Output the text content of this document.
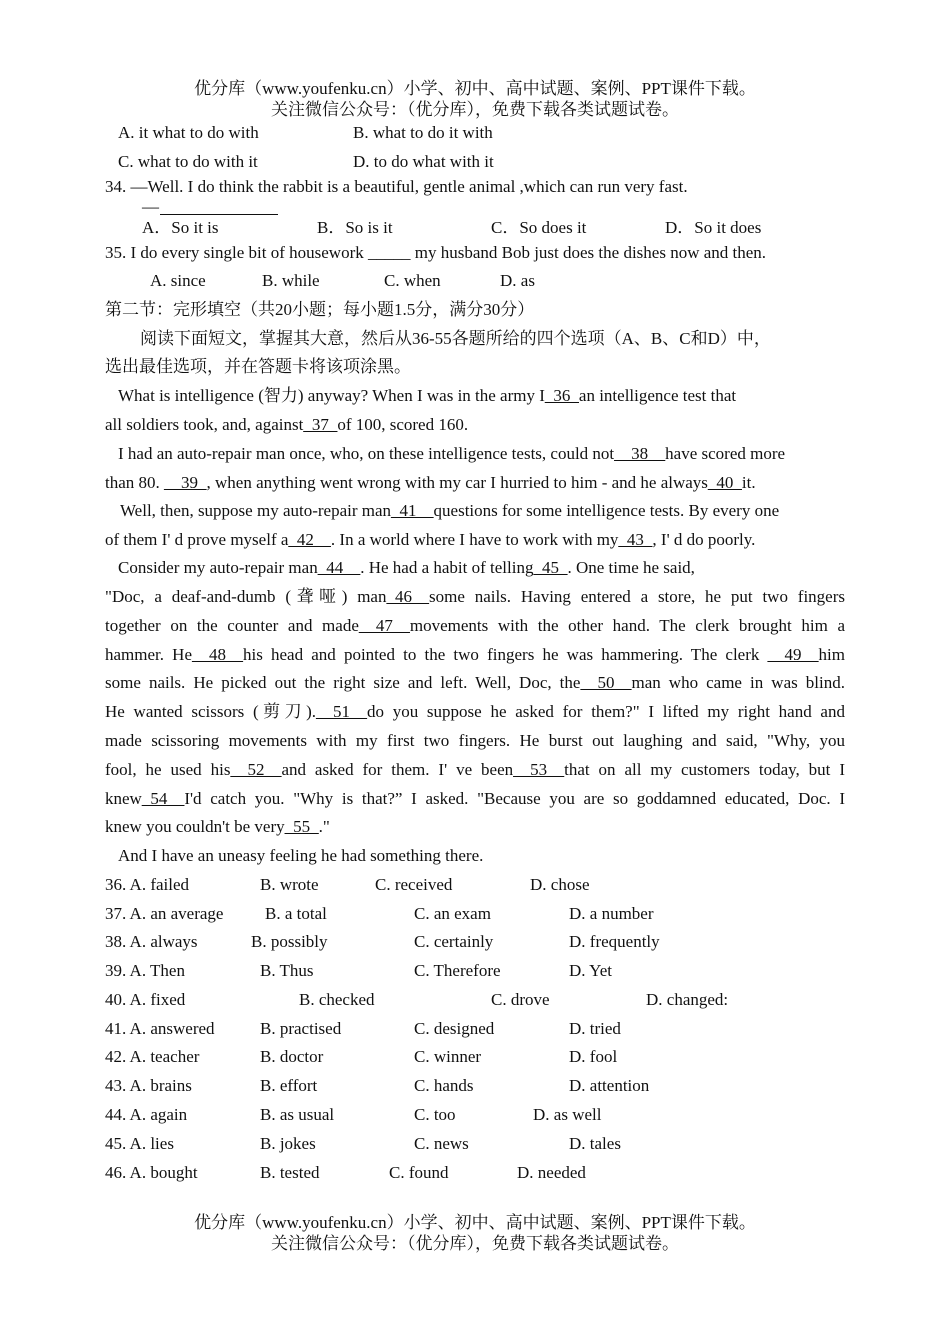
优分库（www.youfenku.cn）小学、初中、高中试题、案例、PPT课件下载。
关注微信公众号：（优分库），免费下载各类试题试卷。
A. it what to do with	B. what to do it with
C. what to do with it	D. to do what with it
34. —Well. I do think the rabbit is a beautiful, gentle animal ,which can run very fast.
—
A．So it is	B．So is it	C．So does it	D．So it does
35. I do every single bit of housework _____ my husband Bob just does the dishes now and then.
A. since	B. while	C. when	D. as
第二节：完形填空（共20小题；每小题1.5分，满分30分）
阅读下面短文，掌握其大意，然后从36-55各题所给的四个选项（A、B、C和D）中，
选出最佳选项，并在答题卡将该项涂黑。
What is intelligence (智力) anyway? When I was in the army I_36_an intelligence test that
all soldiers took, and, against_37_of 100, scored 160.
I had an auto-repair man once, who, on these intelligence tests, could not__38__have scored more
than 80. __39_, when anything went wrong with my car I hurried to him - and he always_40_it.
Well, then, suppose my auto-repair man_41__questions for some intelligence tests. By every one
of them I' d prove myself a_42__. In a world where I have to work with my_43_, I' d do poorly.
Consider my auto-repair man_44__. He had a habit of telling_45_. One time he said,
"Doc, a deaf-and-dumb (聋哑) man_46__some nails. Having entered a store, he put two fingers
together on the counter and made__47__movements with the other hand. The clerk brought him a
hammer. He__48__his head and pointed to the two fingers he was hammering. The clerk __49__him
some nails. He picked out the right size and left. Well, Doc, the__50__man who came in was blind.
He wanted scissors (剪刀).__51__do you suppose he asked for them?" I lifted my right hand and
made scissoring movements with my first two fingers. He burst out laughing and said, "Why, you
fool, he used his__52__and asked for them. I' ve been__53__that on all my customers today, but I
knew_54__I'd catch you. "Why is that?” I asked. "Because you are so goddamned educated, Doc. I
knew you couldn't be very_55_."
And I have an uneasy feeling he had something there.
36. A. failed	B. wrote	C. received	D. chose
37. A. an average B. a total	C. an exam	D. a number
38. A. always	B. possibly	C. certainly	D. frequently
39. A. Then	B. Thus	C. Therefore	D. Yet
40. A. fixed	B. checked	C. drove	D. changed:
41. A. answered	B. practised	C. designed	D. tried
42. A. teacher	B. doctor	C. winner	D. fool
43. A. brains	B. effort	C. hands	D. attention
44. A. again	B. as usual	C. too	D. as well
45. A. lies	B. jokes	C. news	D. tales
46. A. bought	B. tested	C. found	D. needed
优分库（www.youfenku.cn）小学、初中、高中试题、案例、PPT课件下载。
关注微信公众号：（优分库），免费下载各类试题试卷。
